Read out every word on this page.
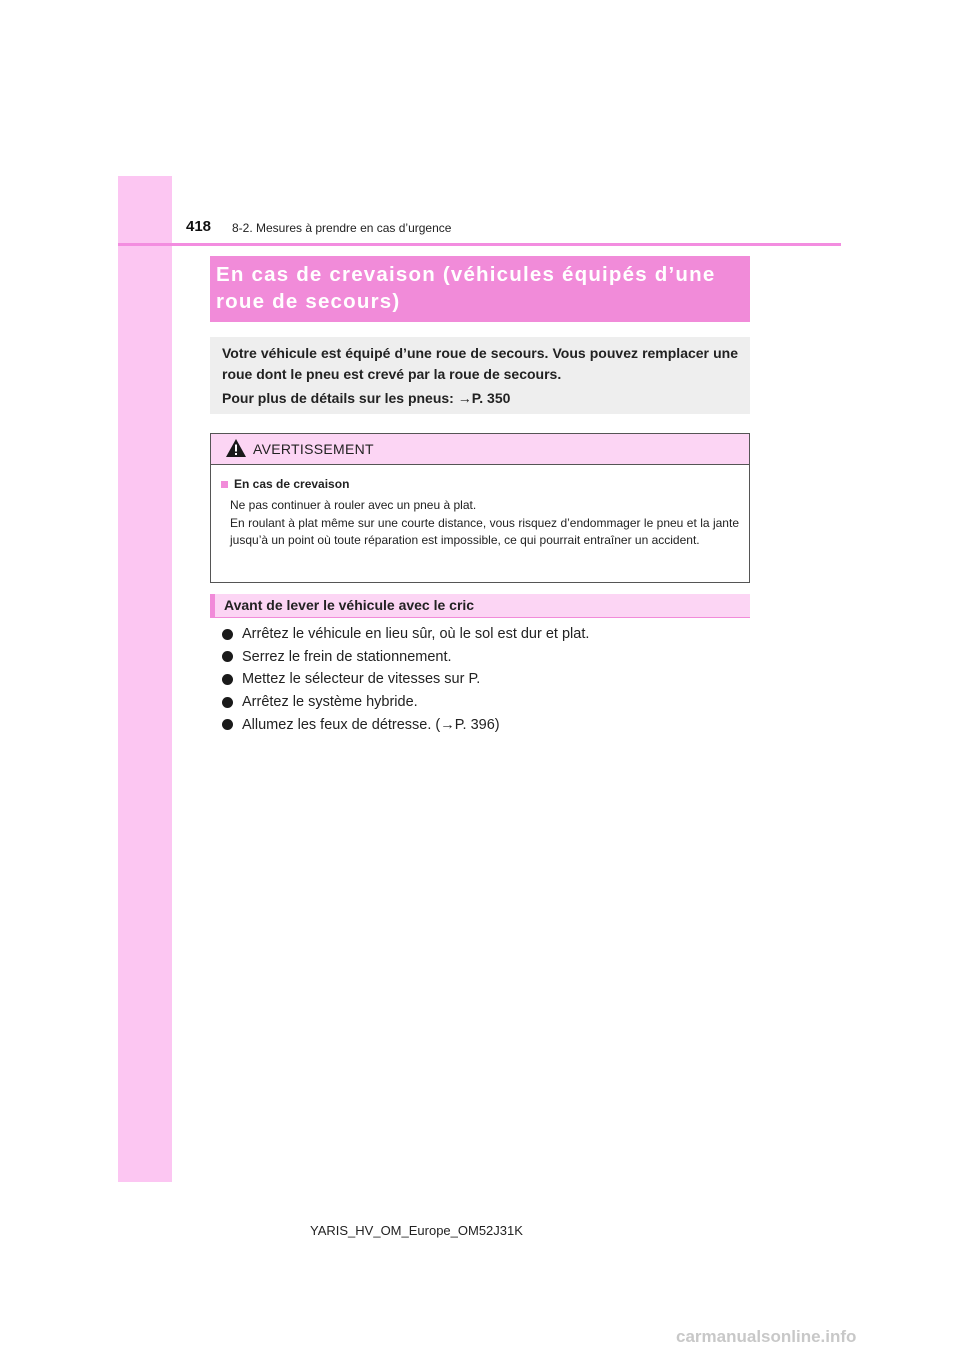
418 8-2. Mesures à prendre en cas d’urgence
En cas de crevaison (véhicules équipés d’une roue de secours)

Votre véhicule est équipé d’une roue de secours. Vous pouvez remplacer une roue dont le pneu est crevé par la roue de secours.

Pour plus de détails sur les pneus: →P. 350
AVERTISSEMENT
En cas de crevaison

Ne pas continuer à rouler avec un pneu à plat.

En roulant à plat même sur une courte distance, vous risquez d’endommager le pneu et la jante jusqu’à un point où toute réparation est impossible, ce qui pourrait entraîner un accident.

Avant de lever le véhicule avec le cric
Arrêtez le véhicule en lieu sûr, où le sol est dur et plat.
Serrez le frein de stationnement.
Mettez le sélecteur de vitesses sur P.
Arrêtez le système hybride.
Allumez les feux de détresse. (→P. 396)
YARIS_HV_OM_Europe_OM52J31K
carmanualsonline.info
